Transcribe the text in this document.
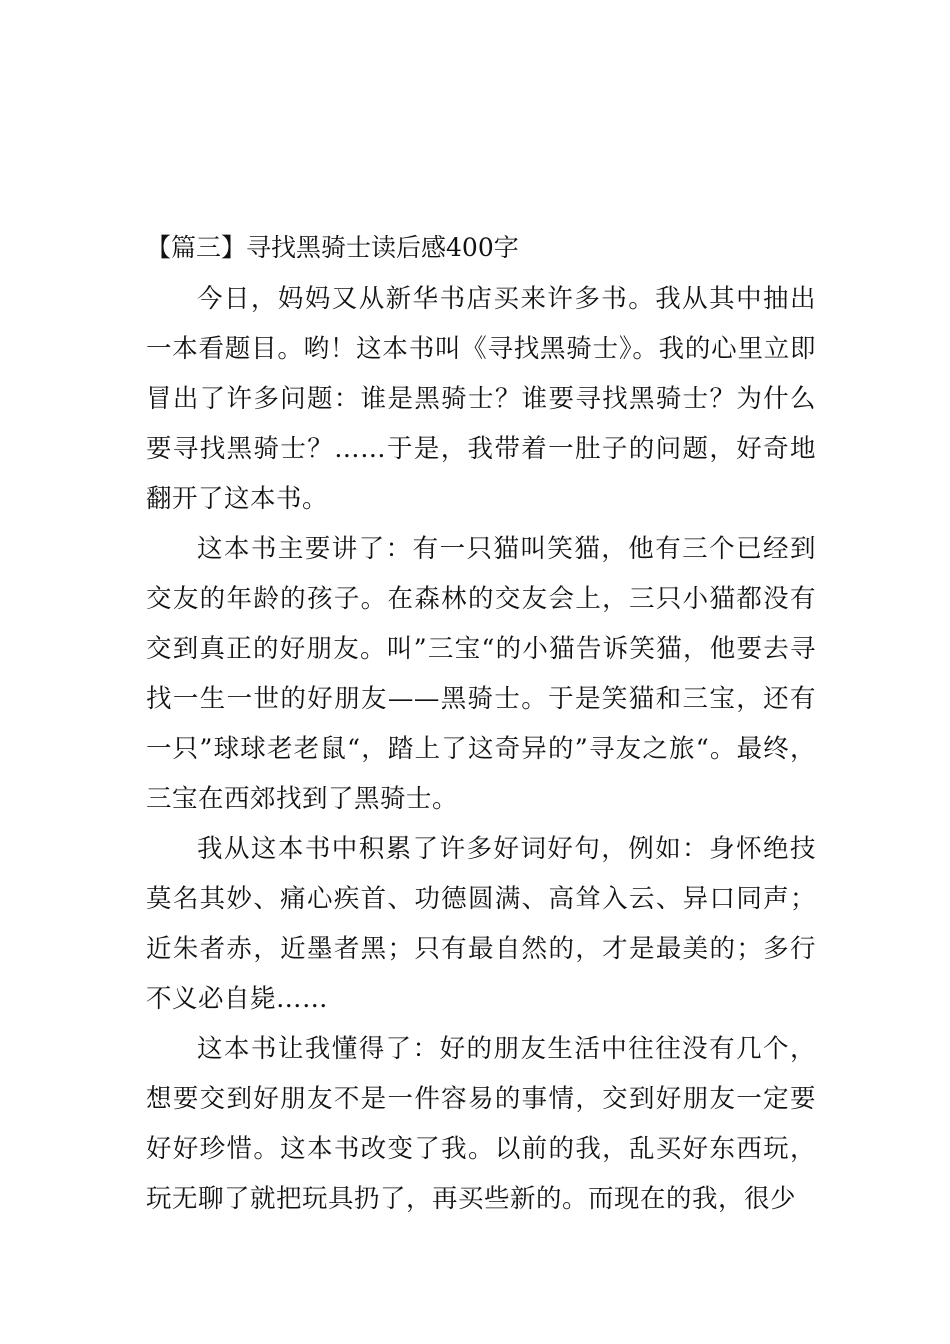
【篇三】寻找黑骑士读后感400字

今日，妈妈又从新华书店买来许多书。我从其中抽出一本看题目。哟！这本书叫《寻找黑骑士》。我的心里立即冒出了许多问题：谁是黑骑士？谁要寻找黑骑士？为什么要寻找黑骑士？……于是，我带着一肚子的问题，好奇地翻开了这本书。

这本书主要讲了：有一只猫叫笑猫，他有三个已经到交友的年龄的孩子。在森林的交友会上，三只小猫都没有交到真正的好朋友。叫”三宝“的小猫告诉笑猫，他要去寻找一生一世的好朋友——黑骑士。于是笑猫和三宝，还有一只”球球老老鼠“，踏上了这奇异的”寻友之旅“。最终，三宝在西郊找到了黑骑士。

我从这本书中积累了许多好词好句，例如：身怀绝技莫名其妙、痛心疾首、功德圆满、高耸入云、异口同声；近朱者赤，近墨者黑；只有最自然的，才是最美的；多行不义必自毙……

这本书让我懂得了：好的朋友生活中往往没有几个，想要交到好朋友不是一件容易的事情，交到好朋友一定要好好珍惜。这本书改变了我。以前的我，乱买好东西玩，玩无聊了就把玩具扔了，再买些新的。而现在的我，很少
